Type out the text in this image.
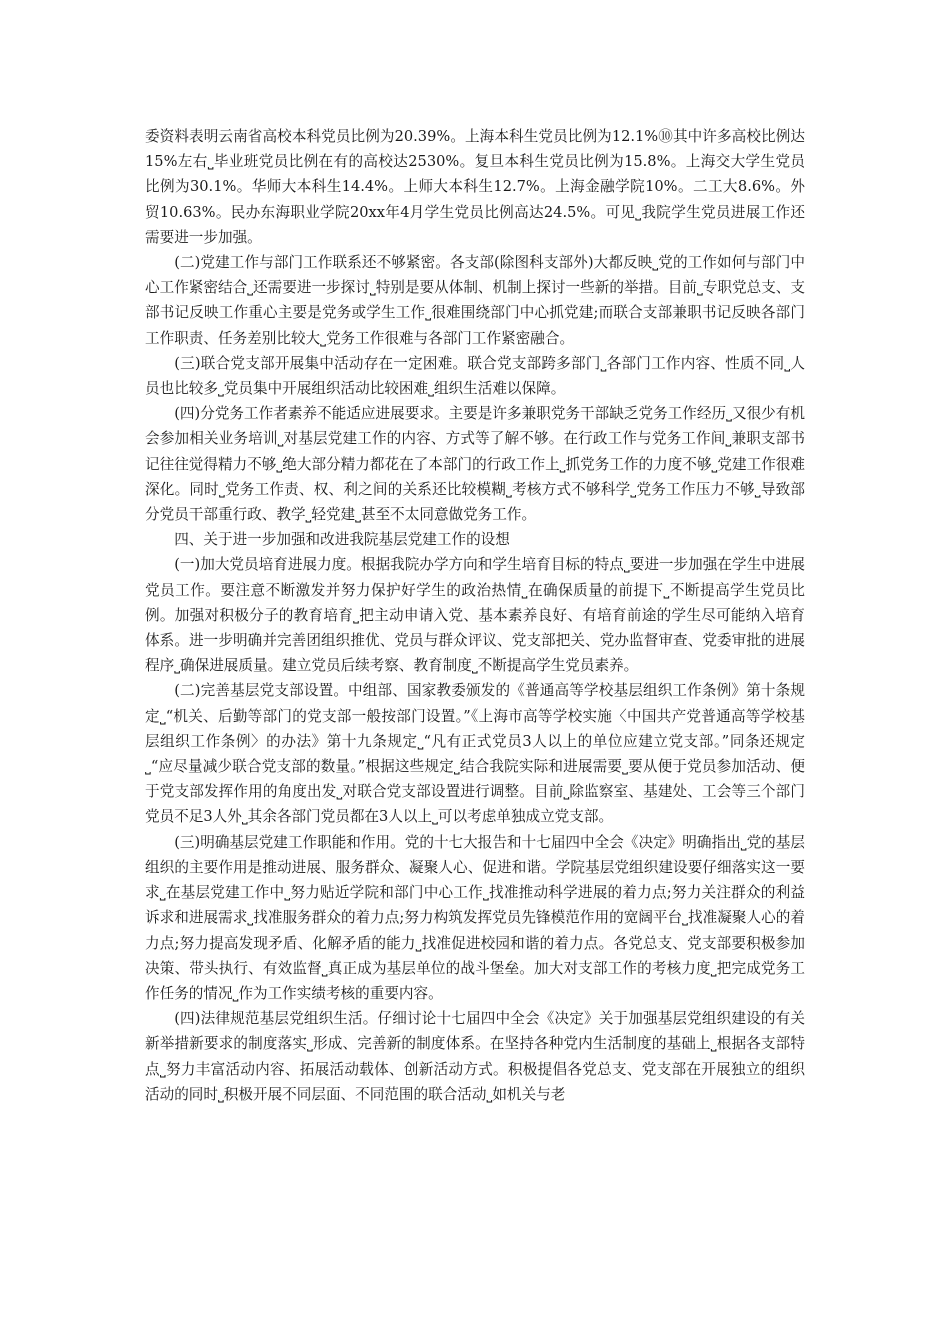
委资料表明云南省高校本科党员比例为20.39%。上海本科生党员比例为12.1%⑩其中许多高校比例达15%左右⎵毕业班党员比例在有的高校达2530%。复旦本科生党员比例为15.8%。上海交大学生党员比例为30.1%。华师大本科生14.4%。上师大本科生12.7%。上海金融学院10%。二工大8.6%。外贸10.63%。民办东海职业学院20xx年4月学生党员比例高达24.5%。可见⎵我院学生党员进展工作还需要进一步加强。

(二)党建工作与部门工作联系还不够紧密。各支部(除图科支部外)大都反映⎵党的工作如何与部门中心工作紧密结合⎵还需要进一步探讨⎵特别是要从体制、机制上探讨一些新的举措。目前⎵专职党总支、支部书记反映工作重心主要是党务或学生工作⎵很难围绕部门中心抓党建;而联合支部兼职书记反映各部门工作职责、任务差别比较大⎵党务工作很难与各部门工作紧密融合。

(三)联合党支部开展集中活动存在一定困难。联合党支部跨多部门⎵各部门工作内容、性质不同⎵人员也比较多⎵党员集中开展组织活动比较困难⎵组织生活难以保障。

(四)分党务工作者素养不能适应进展要求。主要是许多兼职党务干部缺乏党务工作经历⎵又很少有机会参加相关业务培训⎵对基层党建工作的内容、方式等了解不够。在行政工作与党务工作间⎵兼职支部书记往往觉得精力不够⎵绝大部分精力都花在了本部门的行政工作上⎵抓党务工作的力度不够⎵党建工作很难深化。同时⎵党务工作责、权、利之间的关系还比较模糊⎵考核方式不够科学⎵党务工作压力不够⎵导致部分党员干部重行政、教学⎵轻党建⎵甚至不太同意做党务工作。

四、关于进一步加强和改进我院基层党建工作的设想

(一)加大党员培育进展力度。根据我院办学方向和学生培育目标的特点⎵要进一步加强在学生中进展党员工作。要注意不断激发并努力保护好学生的政治热情⎵在确保质量的前提下⎵不断提高学生党员比例。加强对积极分子的教育培育⎵把主动申请入党、基本素养良好、有培育前途的学生尽可能纳入培育体系。进一步明确并完善团组织推优、党员与群众评议、党支部把关、党办监督审查、党委审批的进展程序⎵确保进展质量。建立党员后续考察、教育制度⎵不断提高学生党员素养。

(二)完善基层党支部设置。中组部、国家教委颁发的《普通高等学校基层组织工作条例》第十条规定⎵“机关、后勤等部门的党支部一般按部门设置。”《上海市高等学校实施〈中国共产党普通高等学校基层组织工作条例〉的办法》第十九条规定⎵“凡有正式党员3人以上的单位应建立党支部。”同条还规定⎵“应尽量减少联合党支部的数量。”根据这些规定⎵结合我院实际和进展需要⎵要从便于党员参加活动、便于党支部发挥作用的角度出发⎵对联合党支部设置进行调整。目前⎵除监察室、基建处、工会等三个部门党员不足3人外⎵其余各部门党员都在3人以上⎵可以考虑单独成立党支部。

(三)明确基层党建工作职能和作用。党的十七大报告和十七届四中全会《决定》明确指出⎵党的基层组织的主要作用是推动进展、服务群众、凝聚人心、促进和谐。学院基层党组织建设要仔细落实这一要求⎵在基层党建工作中⎵努力贴近学院和部门中心工作⎵找准推动科学进展的着力点;努力关注群众的利益诉求和进展需求⎵找准服务群众的着力点;努力构筑发挥党员先锋模范作用的宽阔平台⎵找准凝聚人心的着力点;努力提高发现矛盾、化解矛盾的能力⎵找准促进校园和谐的着力点。各党总支、党支部要积极参加决策、带头执行、有效监督⎵真正成为基层单位的战斗堡垒。加大对支部工作的考核力度⎵把完成党务工作任务的情况⎵作为工作实绩考核的重要内容。

(四)法律规范基层党组织生活。仔细讨论十七届四中全会《决定》关于加强基层党组织建设的有关新举措新要求的制度落实⎵形成、完善新的制度体系。在坚持各种党内生活制度的基础上⎵根据各支部特点⎵努力丰富活动内容、拓展活动载体、创新活动方式。积极提倡各党总支、党支部在开展独立的组织活动的同时⎵积极开展不同层面、不同范围的联合活动⎵如机关与老
